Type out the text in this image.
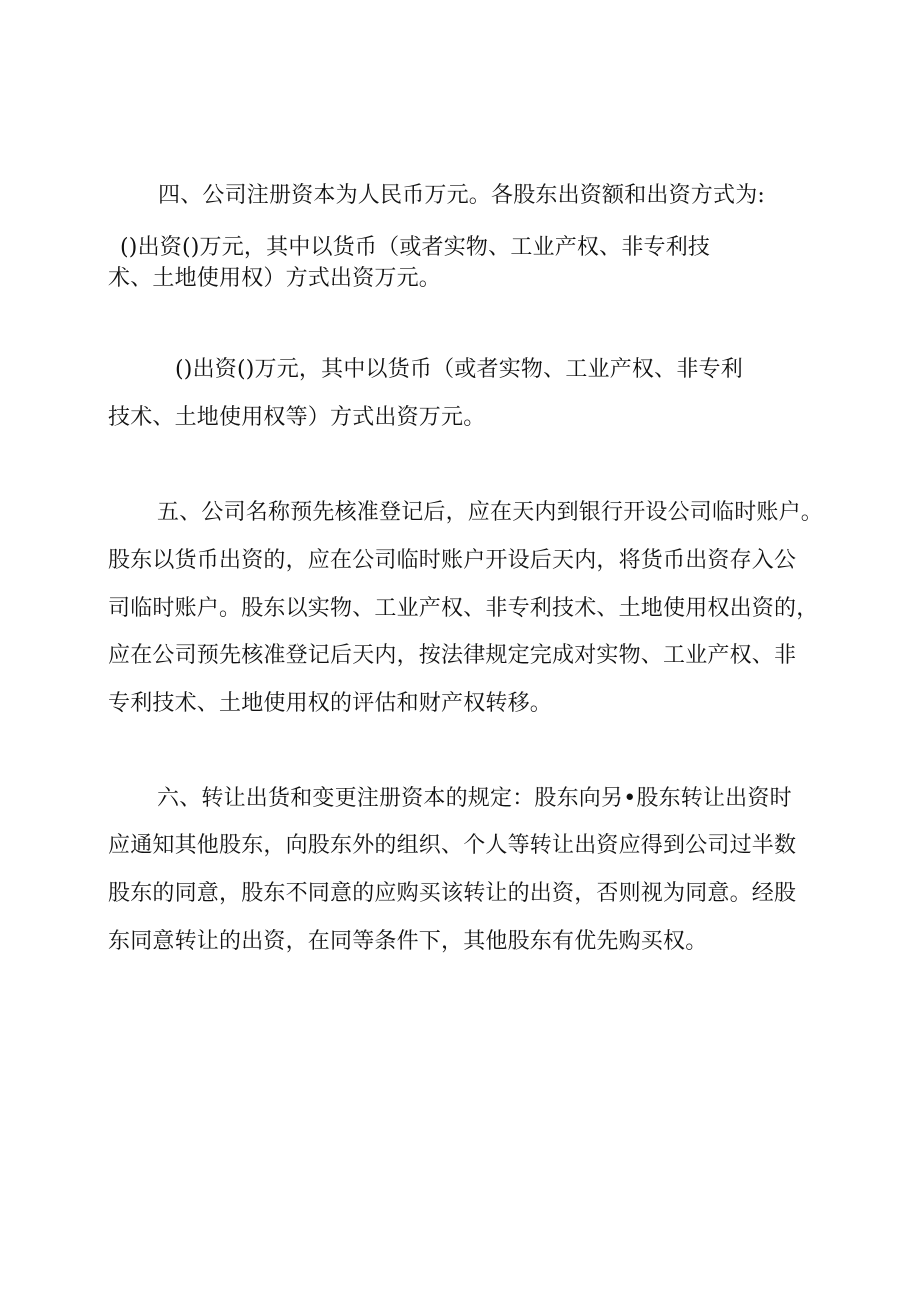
四、公司注册资本为人民币万元。各股东出资额和出资方式为:
()出资()万元，其中以货币（或者实物、工业产权、非专利技
术、土地使用权）方式出资万元。
()出资()万元，其中以货币（或者实物、工业产权、非专利
技术、土地使用权等）方式出资万元。
五、公司名称预先核准登记后，应在天内到银行开设公司临时账户。
股东以货币出资的，应在公司临时账户开设后天内，将货币出资存入公
司临时账户。股东以实物、工业产权、非专利技术、土地使用权出资的，
应在公司预先核准登记后天内，按法律规定完成对实物、工业产权、非
专利技术、土地使用权的评估和财产权转移。
六、转让出货和变更注册资本的规定：股东向另•股东转让出资时
应通知其他股东，向股东外的组织、个人等转让出资应得到公司过半数
股东的同意，股东不同意的应购买该转让的出资，否则视为同意。经股
东同意转让的出资，在同等条件下，其他股东有优先购买权。
